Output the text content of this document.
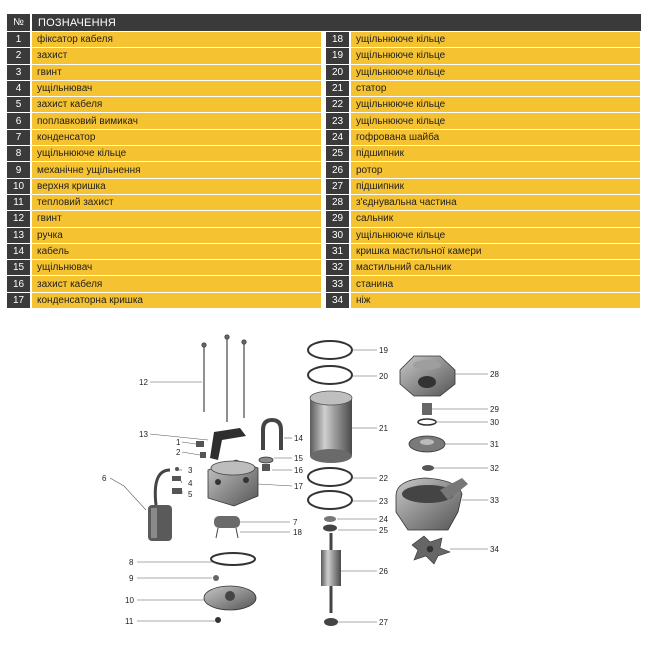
№	ПОЗНАЧЕННЯ
1	фіксатор кабеля
2	захист
3	гвинт
4	ущільнювач
5	захист кабеля
6	поплавковий вимикач
7	конденсатор
8	ущільнююче кільце
9	механічне ущільнення
10	верхня кришка
11	тепловий захист
12	гвинт
13	ручка
14	кабель
15	ущільнювач
16	захист кабеля
17	конденсаторна кришка
18	ущільнююче кільце
19	ущільнююче кільце
20	ущільнююче кільце
21	статор
22	ущільнююче кільце
23	ущільнююче кільце
24	гофрована шайба
25	підшипник
26	ротор
27	підшипник
28	з'єднувальна частина
29	сальник
30	ущільнююче кільце
31	кришка мастильної камери
32	мастильний сальник
33	станина
34	ніж
1
2
3
4
5
6
7
8
9
10
11
12
13	14
15
16
17
18
19
20
21
22
23
24
25
26
27
28
29
30
31
32
33
34
